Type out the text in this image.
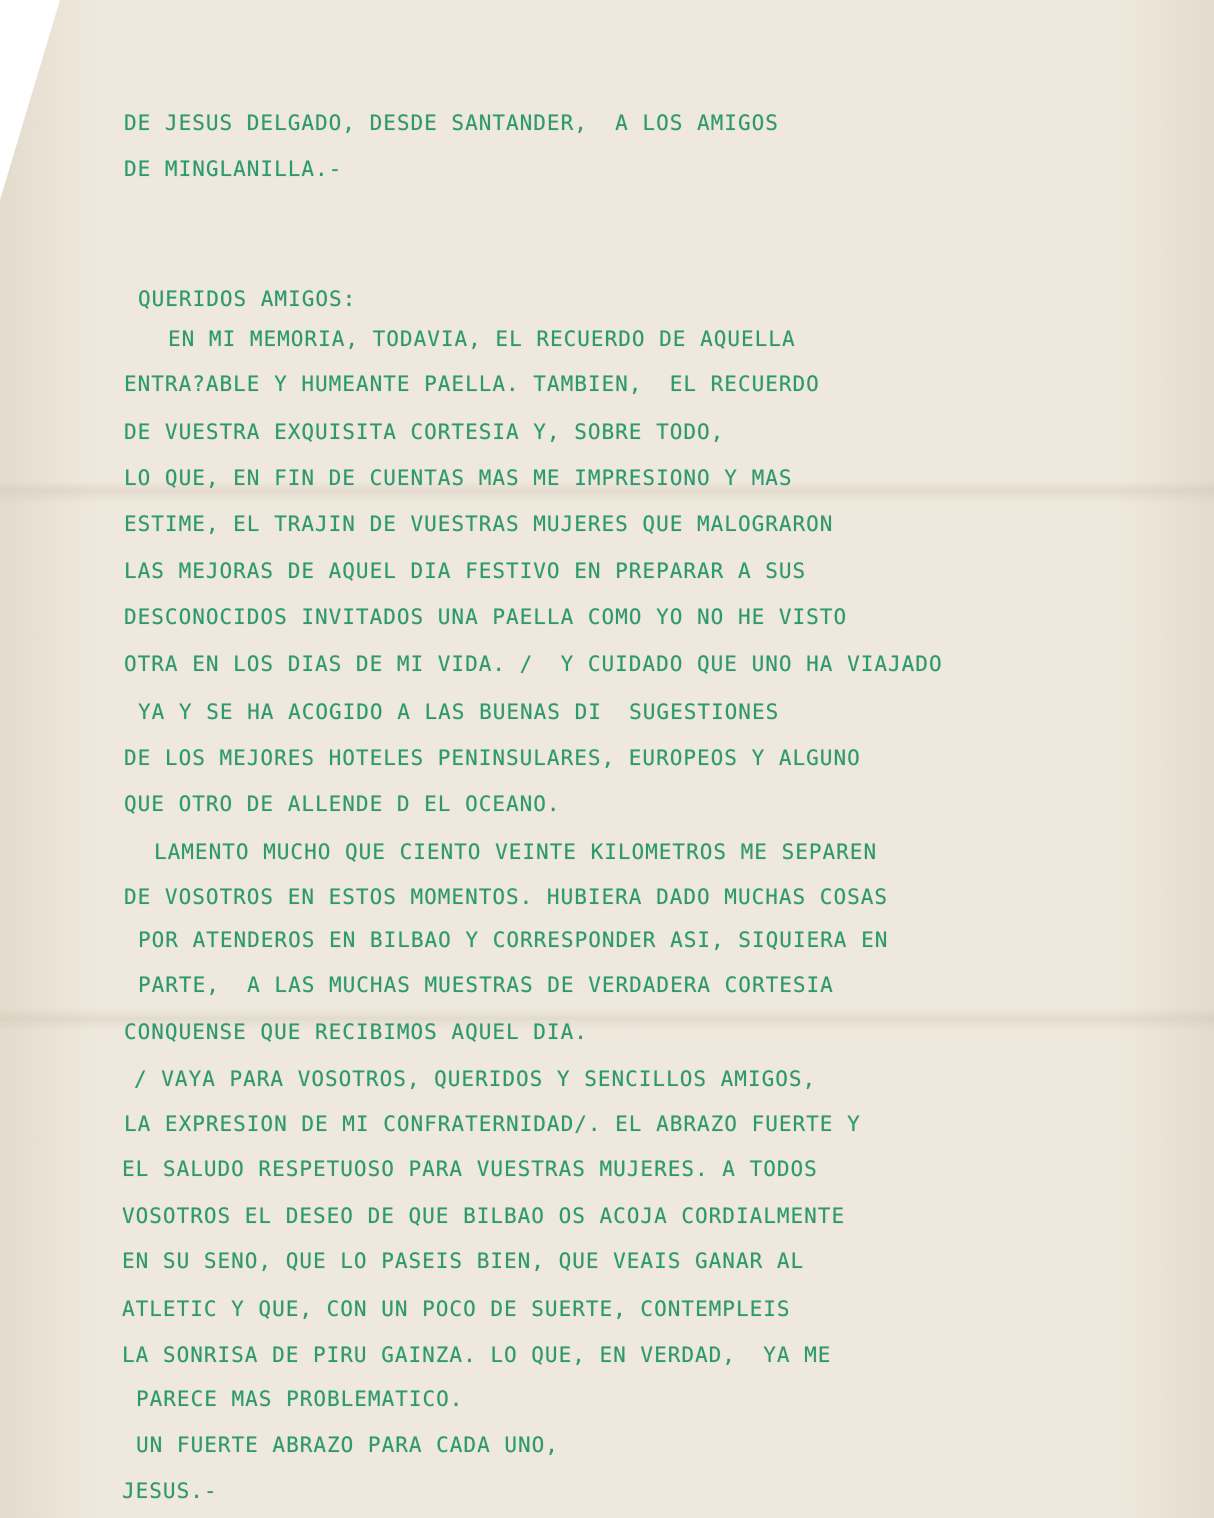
DE JESUS DELGADO, DESDE SANTANDER,  A LOS AMIGOS

DE MINGLANILLA.-

QUERIDOS AMIGOS:

EN MI MEMORIA, TODAVIA, EL RECUERDO DE AQUELLA

ENTRA?ABLE Y HUMEANTE PAELLA. TAMBIEN,  EL RECUERDO

DE VUESTRA EXQUISITA CORTESIA Y, SOBRE TODO,

LO QUE, EN FIN DE CUENTAS MAS ME IMPRESIONO Y MAS

ESTIME, EL TRAJIN DE VUESTRAS MUJERES QUE MALOGRARON

LAS MEJORAS DE AQUEL DIA FESTIVO EN PREPARAR A SUS

DESCONOCIDOS INVITADOS UNA PAELLA COMO YO NO HE VISTO

OTRA EN LOS DIAS DE MI VIDA. /  Y CUIDADO QUE UNO HA VIAJADO

YA Y SE HA ACOGIDO A LAS BUENAS DI  SUGESTIONES

DE LOS MEJORES HOTELES PENINSULARES, EUROPEOS Y ALGUNO

QUE OTRO DE ALLENDE D EL OCEANO.

LAMENTO MUCHO QUE CIENTO VEINTE KILOMETROS ME SEPAREN

DE VOSOTROS EN ESTOS MOMENTOS. HUBIERA DADO MUCHAS COSAS

POR ATENDEROS EN BILBAO Y CORRESPONDER ASI, SIQUIERA EN

PARTE,  A LAS MUCHAS MUESTRAS DE VERDADERA CORTESIA

CONQUENSE QUE RECIBIMOS AQUEL DIA.

/ VAYA PARA VOSOTROS, QUERIDOS Y SENCILLOS AMIGOS,

LA EXPRESION DE MI CONFRATERNIDAD/. EL ABRAZO FUERTE Y

EL SALUDO RESPETUOSO PARA VUESTRAS MUJERES. A TODOS

VOSOTROS EL DESEO DE QUE BILBAO OS ACOJA CORDIALMENTE

EN SU SENO, QUE LO PASEIS BIEN, QUE VEAIS GANAR AL

ATLETIC Y QUE, CON UN POCO DE SUERTE, CONTEMPLEIS

LA SONRISA DE PIRU GAINZA. LO QUE, EN VERDAD,  YA ME

PARECE MAS PROBLEMATICO.

UN FUERTE ABRAZO PARA CADA UNO,

JESUS.-
